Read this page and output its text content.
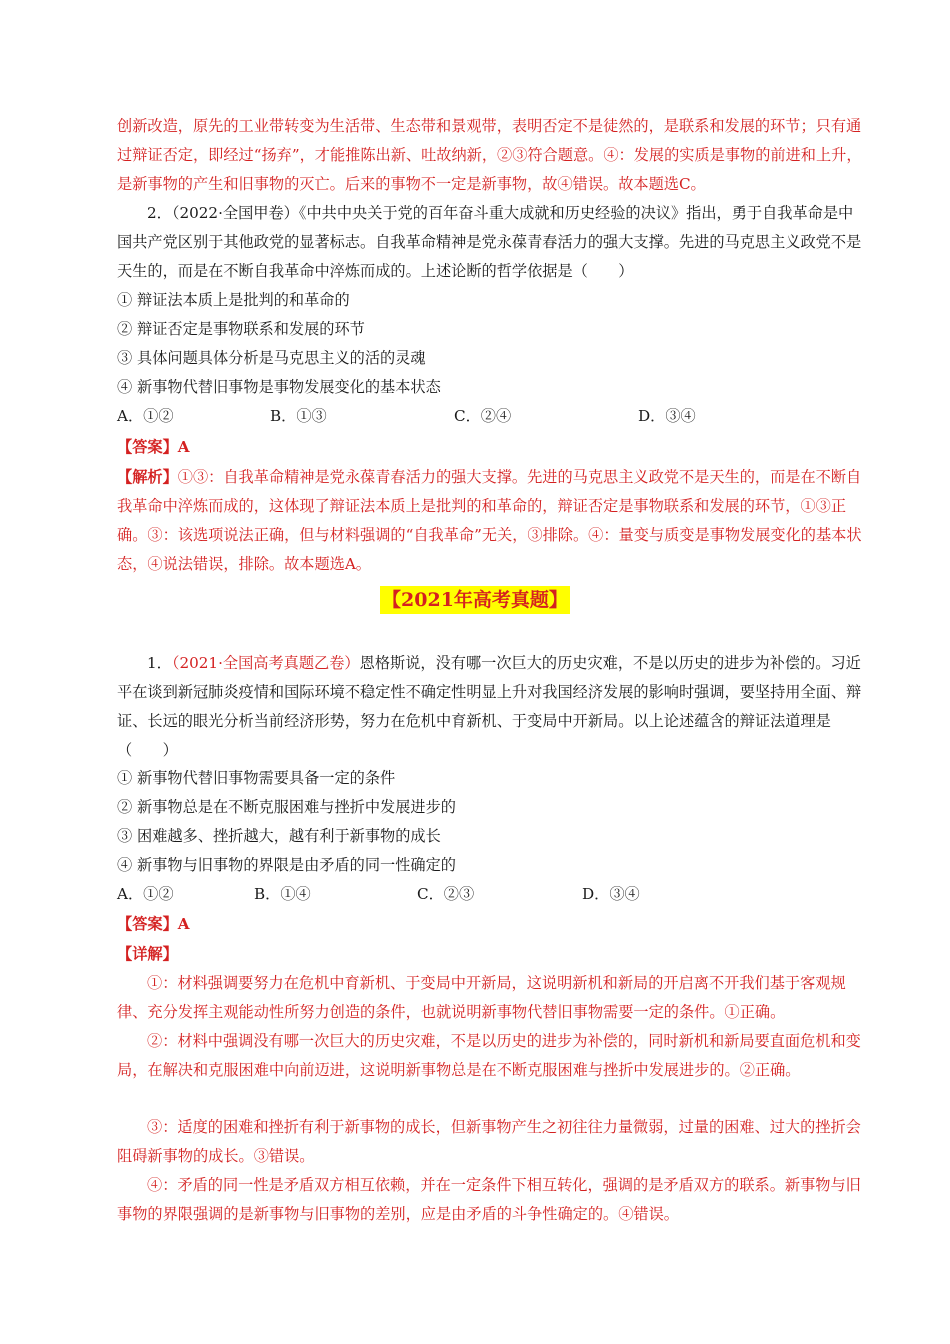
创新改造，原先的工业带转变为生活带、生态带和景观带，表明否定不是徒然的，是联系和发展的环节；只有通过辩证否定，即经过“扬弃”，才能推陈出新、吐故纳新，②③符合题意。④：发展的实质是事物的前进和上升，是新事物的产生和旧事物的灭亡。后来的事物不一定是新事物，故④错误。故本题选C。

2．（2022·全国甲卷）《中共中央关于党的百年奋斗重大成就和历史经验的决议》指出，勇于自我革命是中国共产党区别于其他政党的显著标志。自我革命精神是党永葆青春活力的强大支撑。先进的马克思主义政党不是天生的，而是在不断自我革命中淬炼而成的。上述论断的哲学依据是（　　）

① 辩证法本质上是批判的和革命的

② 辩证否定是事物联系和发展的环节

③ 具体问题具体分析是马克思主义的活的灵魂

④ 新事物代替旧事物是事物发展变化的基本状态

A．①②	B．①③	C．②④	D．③④

【答案】A

【解析】①③：自我革命精神是党永葆青春活力的强大支撑。先进的马克思主义政党不是天生的，而是在不断自我革命中淬炼而成的，这体现了辩证法本质上是批判的和革命的，辩证否定是事物联系和发展的环节，①③正确。③：该选项说法正确，但与材料强调的“自我革命”无关，③排除。④：量变与质变是事物发展变化的基本状态，④说法错误，排除。故本题选A。

【2021年高考真题】

1．（2021·全国高考真题乙卷）恩格斯说，没有哪一次巨大的历史灾难，不是以历史的进步为补偿的。习近平在谈到新冠肺炎疫情和国际环境不稳定性不确定性明显上升对我国经济发展的影响时强调，要坚持用全面、辩证、长远的眼光分析当前经济形势，努力在危机中育新机、于变局中开新局。以上论述蕴含的辩证法道理是（　　）

① 新事物代替旧事物需要具备一定的条件

② 新事物总是在不断克服困难与挫折中发展进步的

③ 困难越多、挫折越大，越有利于新事物的成长

④ 新事物与旧事物的界限是由矛盾的同一性确定的

A．①②	B．①④	C．②③	D．③④

【答案】A

【详解】

①：材料强调要努力在危机中育新机、于变局中开新局，这说明新机和新局的开启离不开我们基于客观规律、充分发挥主观能动性所努力创造的条件，也就说明新事物代替旧事物需要一定的条件。①正确。

②：材料中强调没有哪一次巨大的历史灾难，不是以历史的进步为补偿的，同时新机和新局要直面危机和变局，在解决和克服困难中向前迈进，这说明新事物总是在不断克服困难与挫折中发展进步的。②正确。

③：适度的困难和挫折有利于新事物的成长，但新事物产生之初往往力量微弱，过量的困难、过大的挫折会阻碍新事物的成长。③错误。

④：矛盾的同一性是矛盾双方相互依赖，并在一定条件下相互转化，强调的是矛盾双方的联系。新事物与旧事物的界限强调的是新事物与旧事物的差别，应是由矛盾的斗争性确定的。④错误。
